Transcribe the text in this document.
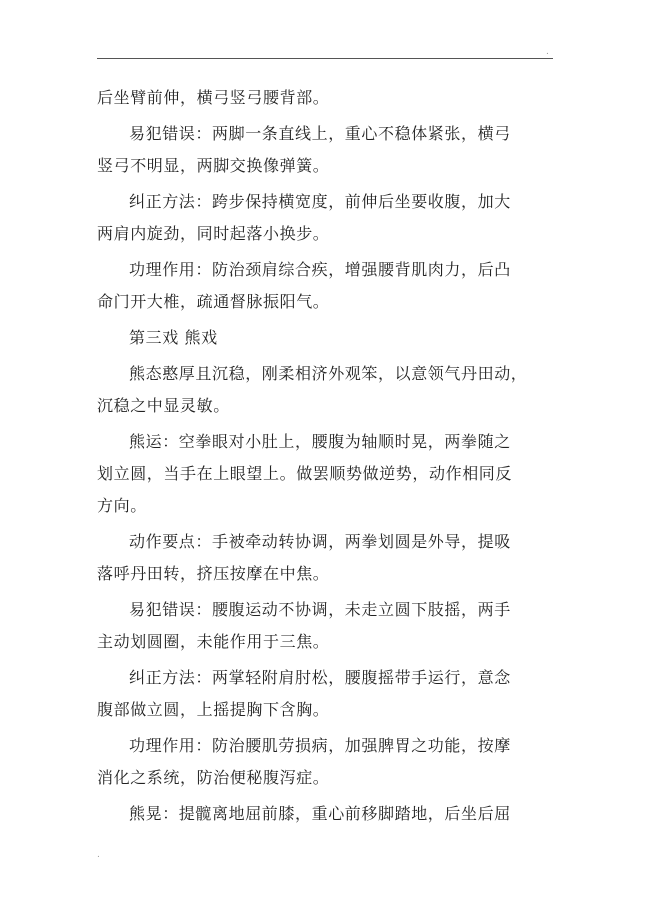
.
后坐臂前伸，横弓竖弓腰背部。
易犯错误：两脚一条直线上，重心不稳体紧张，横弓
竖弓不明显，两脚交换像弹簧。
纠正方法：跨步保持横宽度，前伸后坐要收腹，加大
两肩内旋劲，同时起落小换步。
功理作用：防治颈肩综合疾，增强腰背肌肉力，后凸
命门开大椎，疏通督脉振阳气。
第三戏 熊戏
熊态憨厚且沉稳，刚柔相济外观笨，以意领气丹田动，
沉稳之中显灵敏。
熊运：空拳眼对小肚上，腰腹为轴顺时晃，两拳随之
划立圆，当手在上眼望上。做罢顺势做逆势，动作相同反
方向。
动作要点：手被牵动转协调，两拳划圆是外导，提吸
落呼丹田转，挤压按摩在中焦。
易犯错误：腰腹运动不协调，未走立圆下肢摇，两手
主动划圆圈，未能作用于三焦。
纠正方法：两掌轻附肩肘松，腰腹摇带手运行，意念
腹部做立圆，上摇提胸下含胸。
功理作用：防治腰肌劳损病，加强脾胃之功能，按摩
消化之系统，防治便秘腹泻症。
熊晃：提髋离地屈前膝，重心前移脚踏地，后坐后屈
.
